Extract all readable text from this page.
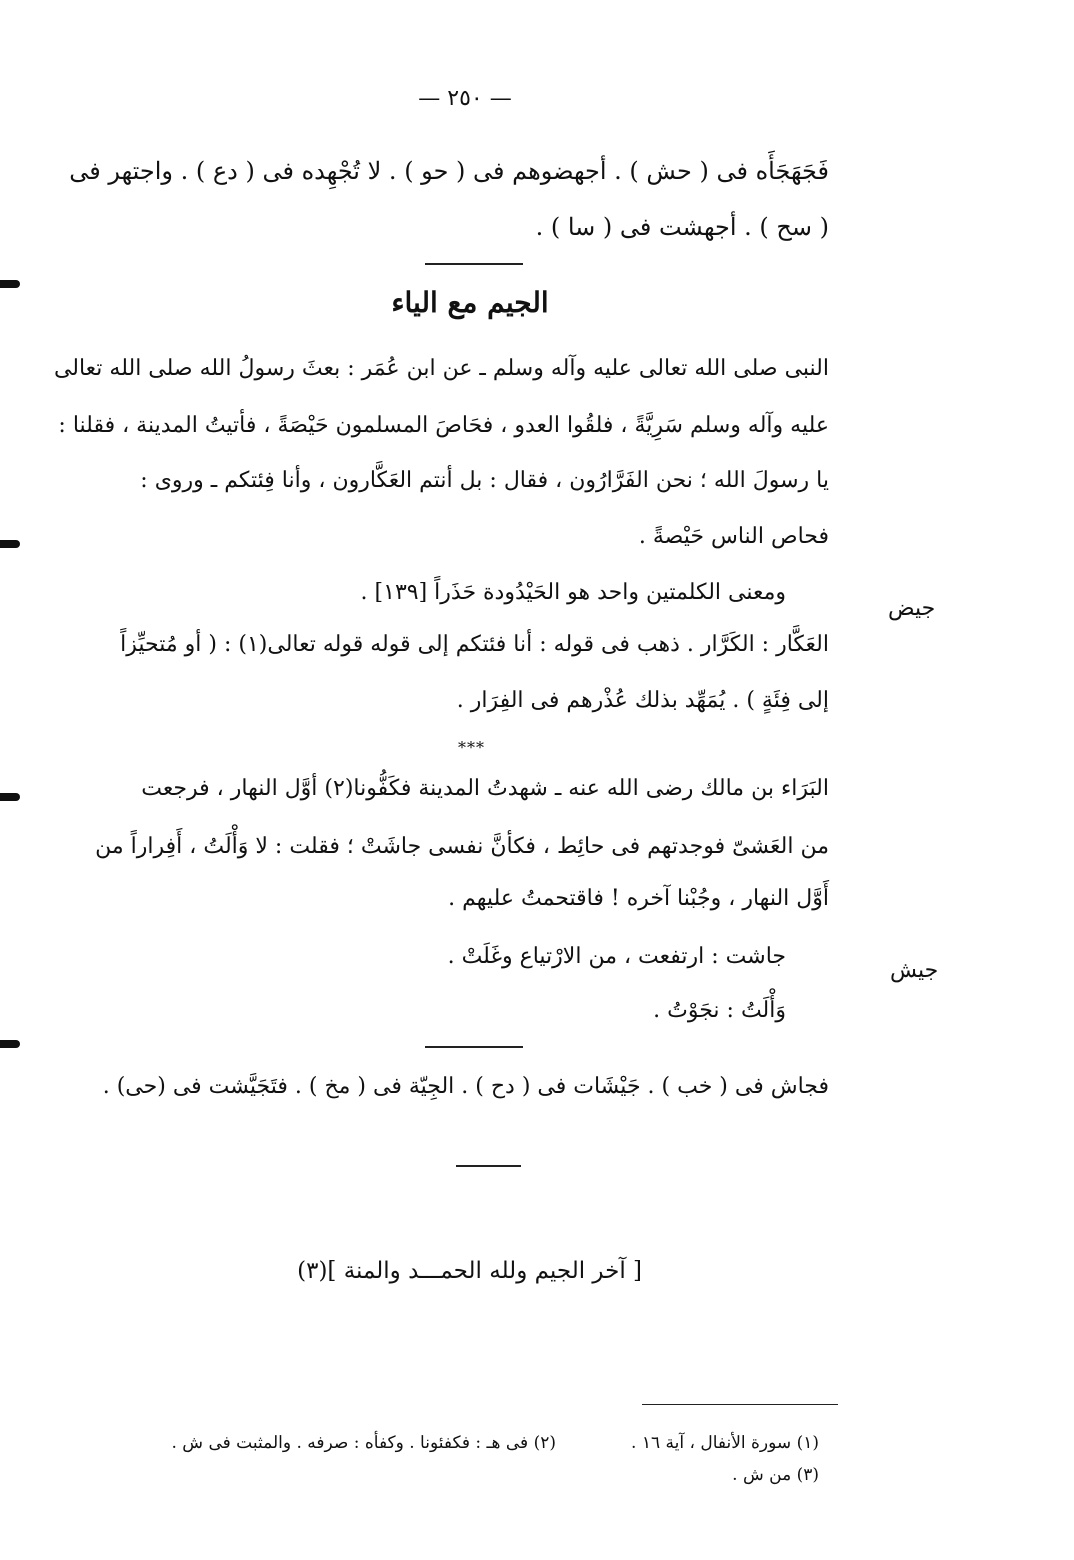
— ٢٥٠ —
فَجَهَجَأَه فى ( حش ) . أجهضوهم فى ( حو ) . لا تُجْهِده فى ( دع ) . واجتهر فى
( سح ) . أجهشت فى ( سا ) .
الجيم مع الياء
النبى صلى الله تعالى عليه وآله وسلم ـ عن ابن عُمَر : بعثَ رسولُ الله صلى الله تعالى
عليه وآله وسلم سَرِيَّةً ، فلقُوا العدو ، فحَاصَ المسلمون حَيْصَةً ، فأتيتُ المدينة ، فقلنا :
يا رسولَ الله ؛ نحن الفَرَّارُون ، فقال : بل أنتم العَكَّارون ، وأنا فِئتكم ـ وروى :
فحاص الناس حَيْصةً .
جيض
ومعنى الكلمتين واحد هو الحَيْدُودة حَذَراً [١٣٩] .
العَكَّار : الكَرَّار . ذهب فى قوله : أنا فئتكم إلى قوله قوله تعالى(١) : ( أو مُتحيِّزاً
إلى فِئَةٍ ) . يُمَهِّد بذلك عُذْرهم فى الفِرَار .
***
البَرَاء بن مالك رضى الله عنه ـ شهدتُ المدينة فكَفُّونا(٢) أوَّل النهار ، فرجعت
من العَشىّ فوجدتهم فى حائِط ، فكأنَّ نفسى جاشَتْ ؛ فقلت : لا وَأْلَتُ ، أَفِراراً من
أَوَّل النهار ، وجُبْنا آخره ! فاقتحمتُ عليهم .
جيش
جاشت : ارتفعت ، من الارْتياع وغَلَتْ .
وَأْلَتُ : نجَوْتُ .
فجاش فى ( خب ) . جَيْشَات فى ( دح ) . الجِيّة فى ( مخ ) . فتَجَيَّشت فى (حى) .
[ آخر الجيم ولله الحمـــد والمنة ](٣)
(١) سورة الأنفال ، آية ١٦ .
(٢) فى هـ : فكفئونا . وكفأه : صرفه . والمثبت فى ش .
(٣) من ش .
